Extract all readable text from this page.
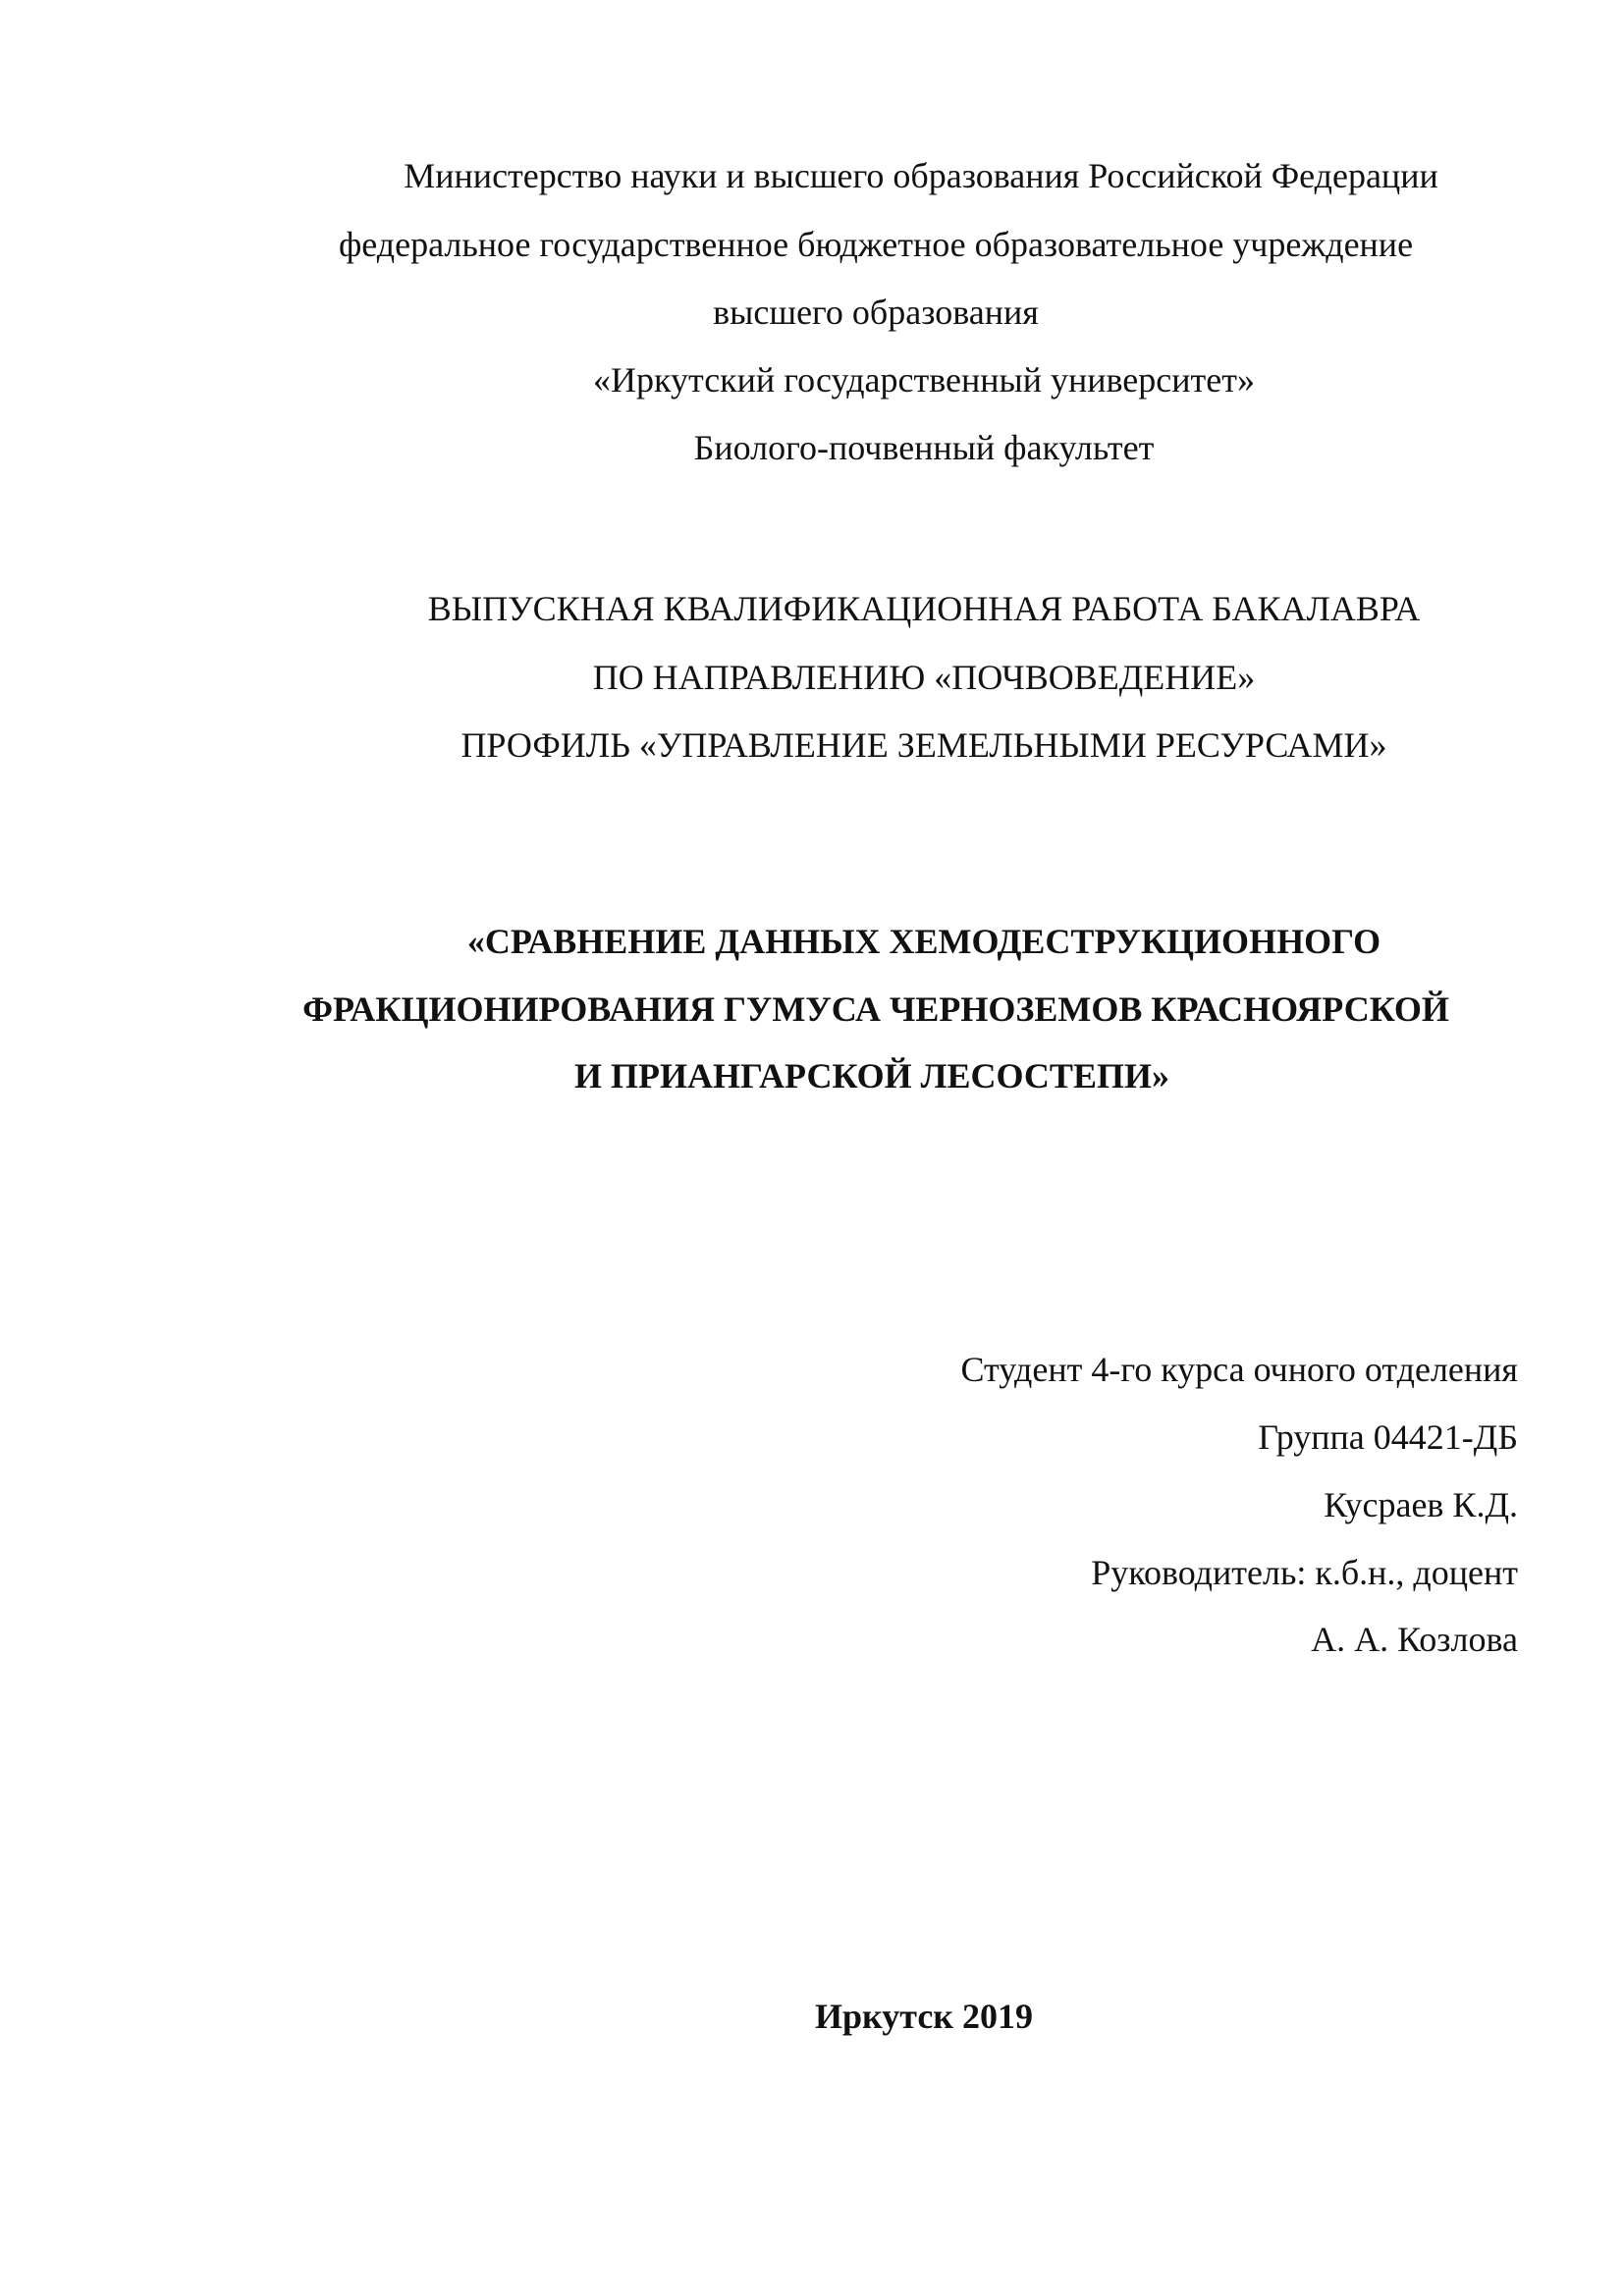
Министерство науки и высшего образования Российской Федерации
федеральное государственное бюджетное образовательное учреждение
высшего образования
«Иркутский государственный университет»
Биолого-почвенный факультет
ВЫПУСКНАЯ КВАЛИФИКАЦИОННАЯ РАБОТА БАКАЛАВРА
ПО НАПРАВЛЕНИЮ «ПОЧВОВЕДЕНИЕ»
ПРОФИЛЬ «УПРАВЛЕНИЕ ЗЕМЕЛЬНЫМИ РЕСУРСАМИ»
«СРАВНЕНИЕ ДАННЫХ ХЕМОДЕСТРУКЦИОННОГО
ФРАКЦИОНИРОВАНИЯ ГУМУСА ЧЕРНОЗЕМОВ КРАСНОЯРСКОЙ
И ПРИАНГАРСКОЙ ЛЕСОСТЕПИ»
Студент 4-го курса очного отделения
Группа 04421-ДБ
Кусраев К.Д.
Руководитель: к.б.н., доцент
А. А. Козлова
Иркутск 2019
